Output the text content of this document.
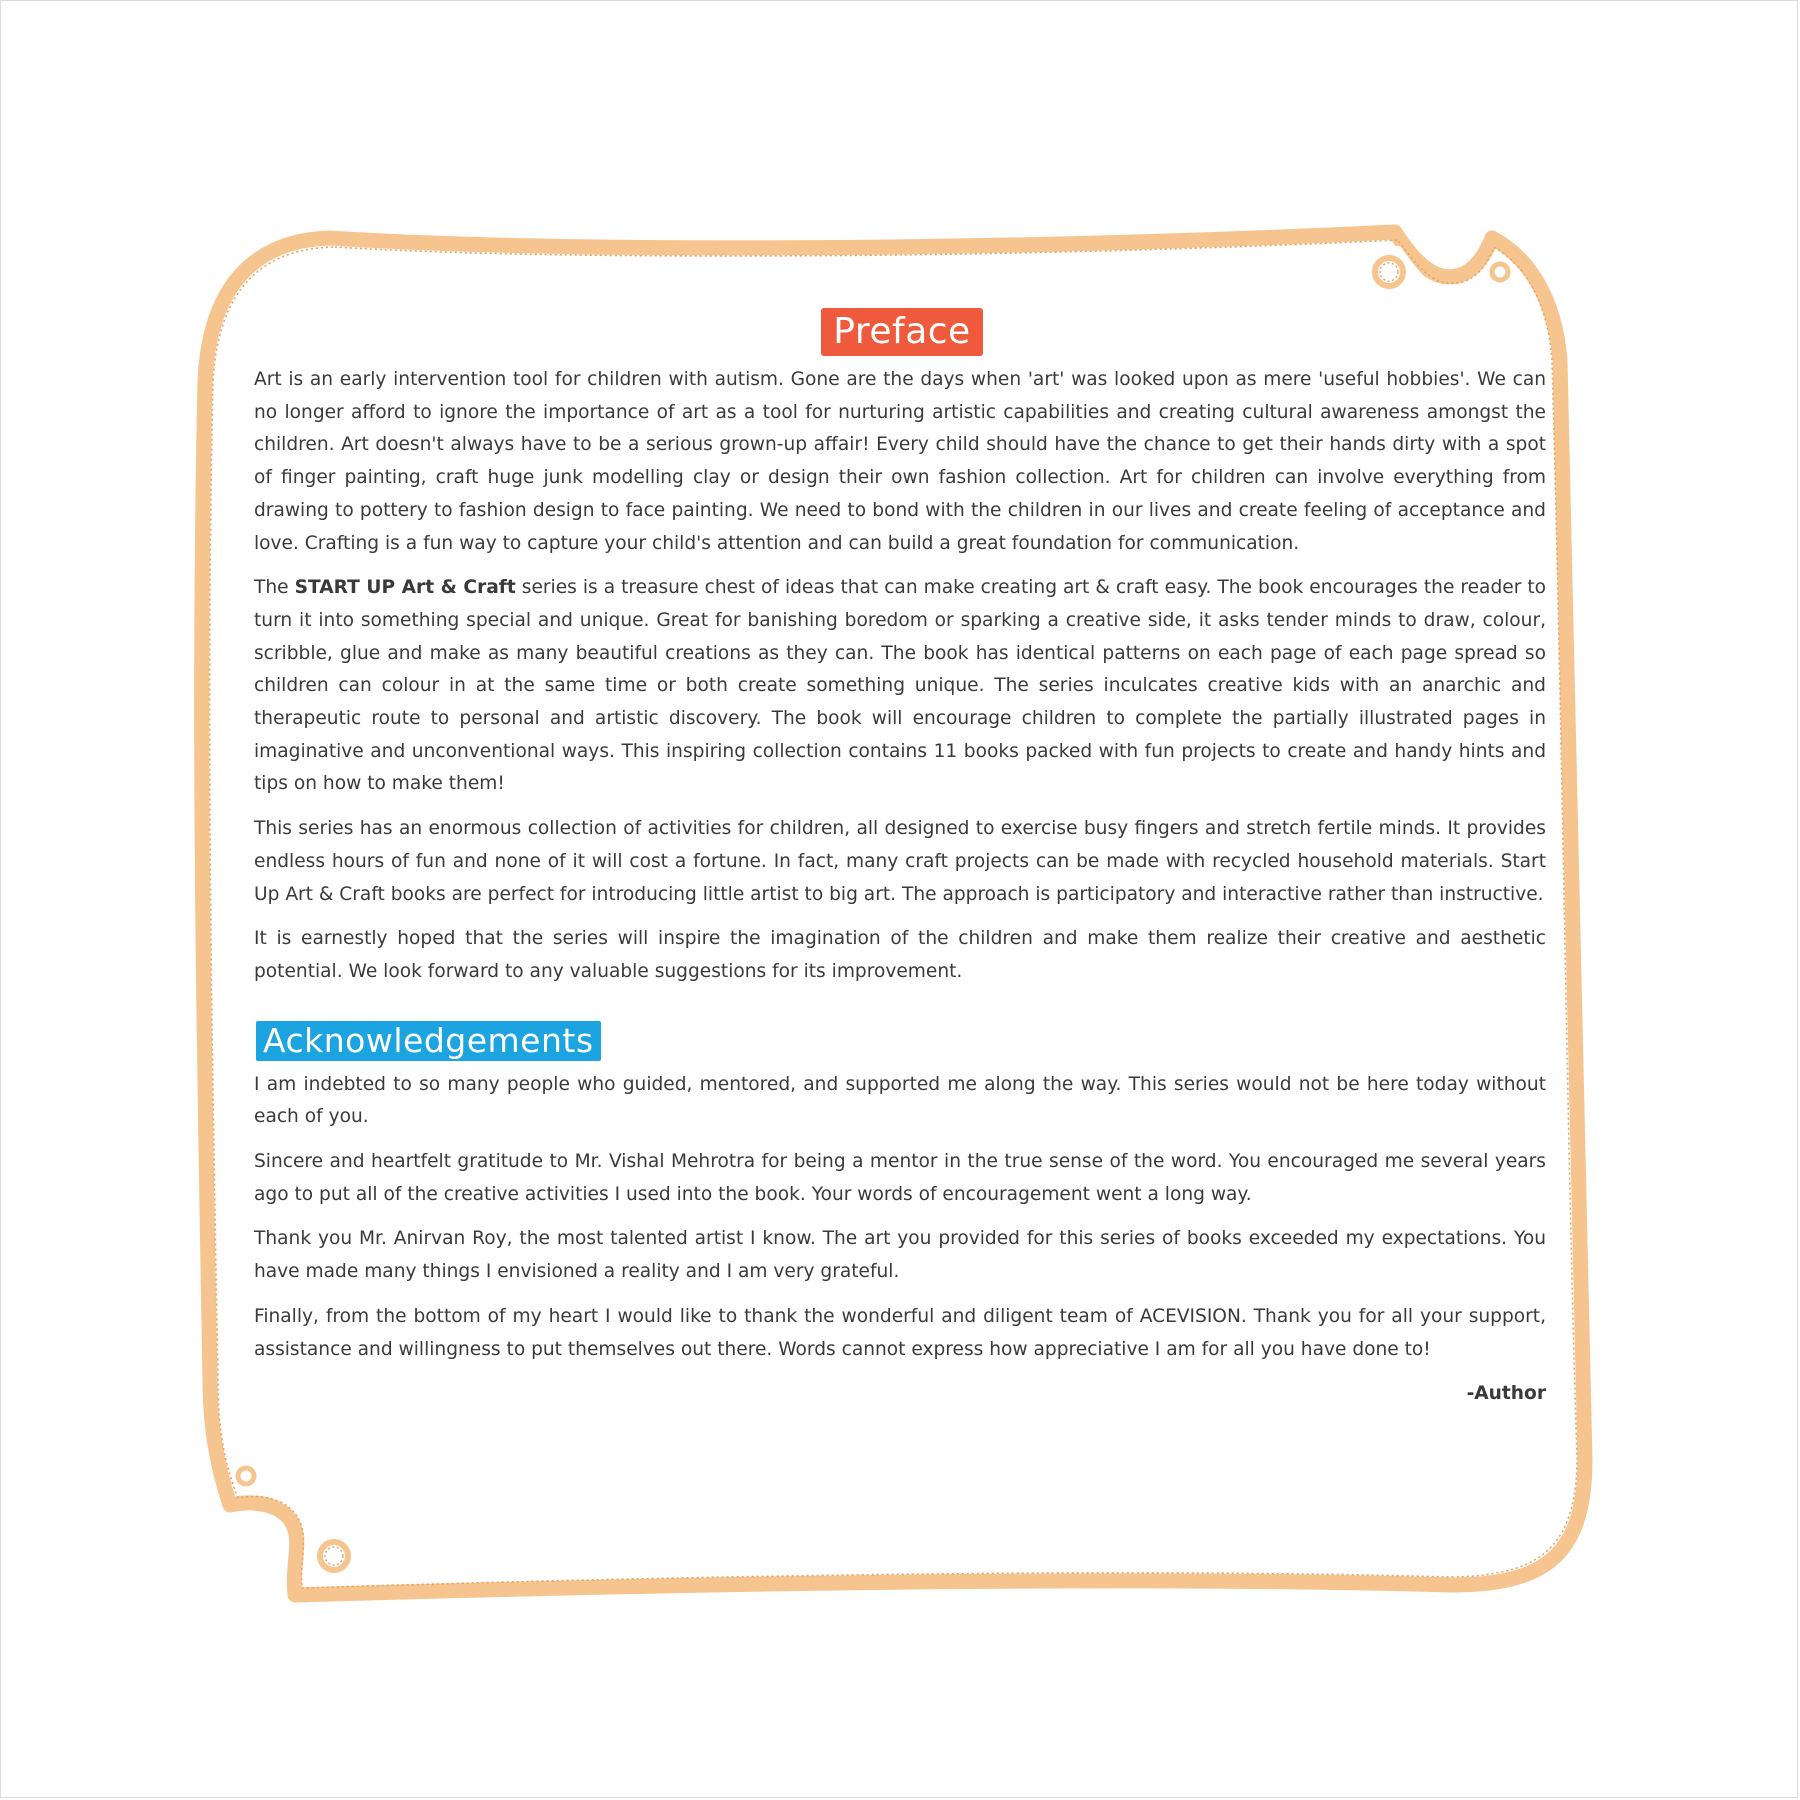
Preface

Art is an early intervention tool for children with autism. Gone are the days when 'art' was looked upon as mere 'useful hobbies'. We can no longer afford to ignore the importance of art as a tool for nurturing artistic capabilities and creating cultural awareness amongst the children. Art doesn't always have to be a serious grown-up affair! Every child should have the chance to get their hands dirty with a spot of finger painting, craft huge junk modelling clay or design their own fashion collection. Art for children can involve everything from drawing to pottery to fashion design to face painting. We need to bond with the children in our lives and create feeling of acceptance and love. Crafting is a fun way to capture your child's attention and can build a great foundation for communication.

The START UP Art & Craft series is a treasure chest of ideas that can make creating art & craft easy. The book encourages the reader to turn it into something special and unique. Great for banishing boredom or sparking a creative side, it asks tender minds to draw, colour, scribble, glue and make as many beautiful creations as they can. The book has identical patterns on each page of each page spread so children can colour in at the same time or both create something unique. The series inculcates creative kids with an anarchic and therapeutic route to personal and artistic discovery. The book will encourage children to complete the partially illustrated pages in imaginative and unconventional ways. This inspiring collection contains 11 books packed with fun projects to create and handy hints and tips on how to make them!

This series has an enormous collection of activities for children, all designed to exercise busy fingers and stretch fertile minds. It provides endless hours of fun and none of it will cost a fortune. In fact, many craft projects can be made with recycled household materials. Start Up Art & Craft books are perfect for introducing little artist to big art. The approach is participatory and interactive rather than instructive.

It is earnestly hoped that the series will inspire the imagination of the children and make them realize their creative and aesthetic potential. We look forward to any valuable suggestions for its improvement.

Acknowledgements

I am indebted to so many people who guided, mentored, and supported me along the way. This series would not be here today without each of you.

Sincere and heartfelt gratitude to Mr. Vishal Mehrotra for being a mentor in the true sense of the word. You encouraged me several years ago to put all of the creative activities I used into the book. Your words of encouragement went a long way.

Thank you Mr. Anirvan Roy, the most talented artist I know. The art you provided for this series of books exceeded my expectations. You have made many things I envisioned a reality and I am very grateful.

Finally, from the bottom of my heart I would like to thank the wonderful and diligent team of ACEVISION. Thank you for all your support, assistance and willingness to put themselves out there. Words cannot express how appreciative I am for all you have done to!

-Author
